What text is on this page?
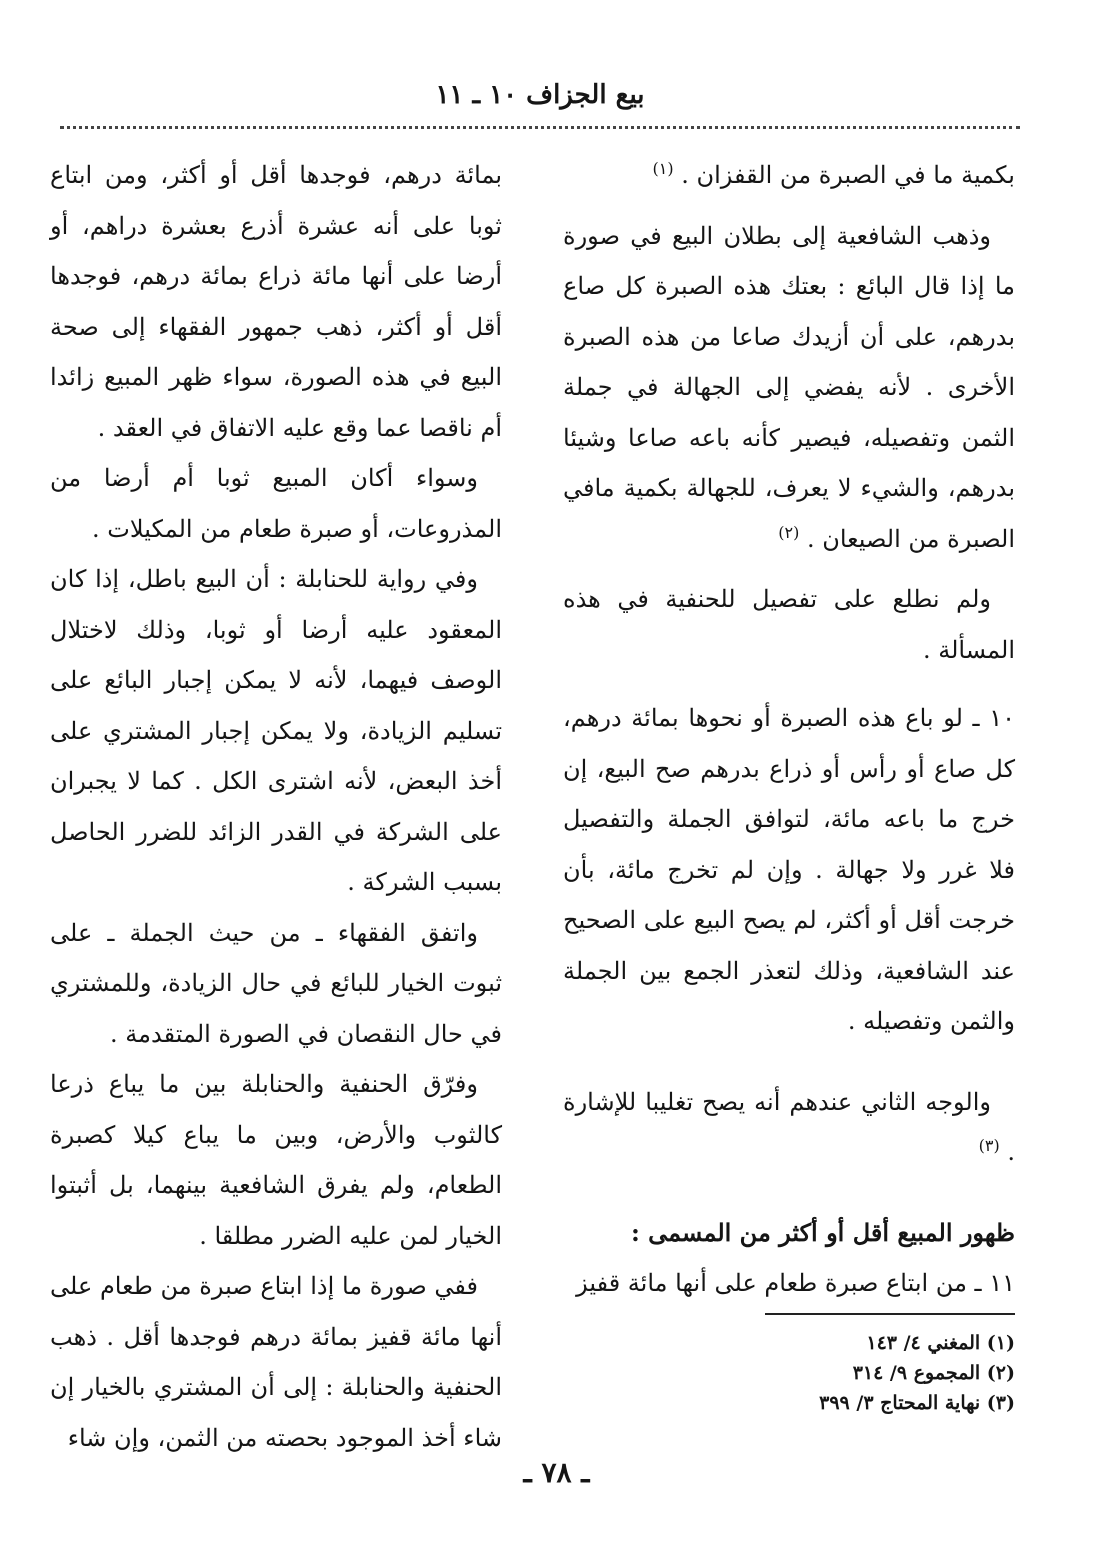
بيع الجزاف ١٠ ـ ١١

بكمية ما في الصبرة من القفزان . $^{(١)}$

 وذهب الشافعية إلى بطلان البيع في صورة ما إذا قال البائع : بعتك هذه الصبرة كل صاع بدرهم، على أن أزيدك صاعا من هذه الصبرة الأخرى . لأنه يفضي إلى الجهالة في جملة الثمن وتفصيله، فيصير كأنه باعه صاعا وشيئا بدرهم، والشيء لا يعرف، للجهالة بكمية مافي الصبرة من الصيعان . $^{(٢)}$

 ولم نطلع على تفصيل للحنفية في هذه المسألة .

١٠ ـ لو باع هذه الصبرة أو نحوها بمائة درهم، كل صاع أو رأس أو ذراع بدرهم صح البيع، إن خرج ما باعه مائة، لتوافق الجملة والتفصيل فلا غرر ولا جهالة . وإن لم تخرج مائة، بأن خرجت أقل أو أكثر، لم يصح البيع على الصحيح عند الشافعية، وذلك لتعذر الجمع بين الجملة والثمن وتفصيله .

 والوجه الثاني عندهم أنه يصح تغليبا للإشارة . $^{(٣)}$

ظهور المبيع أقل أو أكثر من المسمى :

١١ ـ من ابتاع صبرة طعام على أنها مائة قفيز

بمائة درهم، فوجدها أقل أو أكثر، ومن ابتاع ثوبا على أنه عشرة أذرع بعشرة دراهم، أو أرضا على أنها مائة ذراع بمائة درهم، فوجدها أقل أو أكثر، ذهب جمهور الفقهاء إلى صحة البيع في هذه الصورة، سواء ظهر المبيع زائدا أم ناقصا عما وقع عليه الاتفاق في العقد .

 وسواء أكان المبيع ثوبا أم أرضا من المذروعات، أو صبرة طعام من المكيلات .

 وفي رواية للحنابلة : أن البيع باطل، إذا كان المعقود عليه أرضا أو ثوبا، وذلك لاختلال الوصف فيهما، لأنه لا يمكن إجبار البائع على تسليم الزيادة، ولا يمكن إجبار المشتري على أخذ البعض، لأنه اشترى الكل . كما لا يجبران على الشركة في القدر الزائد للضرر الحاصل بسبب الشركة .

 واتفق الفقهاء ـ من حيث الجملة ـ على ثبوت الخيار للبائع في حال الزيادة، وللمشتري في حال النقصان في الصورة المتقدمة .

 وفرّق الحنفية والحنابلة بين ما يباع ذرعا كالثوب والأرض، وبين ما يباع كيلا كصبرة الطعام، ولم يفرق الشافعية بينهما، بل أثبتوا الخيار لمن عليه الضرر مطلقا .

 ففي صورة ما إذا ابتاع صبرة من طعام على أنها مائة قفيز بمائة درهم فوجدها أقل . ذهب الحنفية والحنابلة : إلى أن المشتري بالخيار إن شاء أخذ الموجود بحصته من الثمن، وإن شاء

(١) المغني ٤/ ١٤٣
(٢) المجموع ٩/ ٣١٤
(٣) نهاية المحتاج ٣/ ٣٩٩
ـ ٧٨ ـ
